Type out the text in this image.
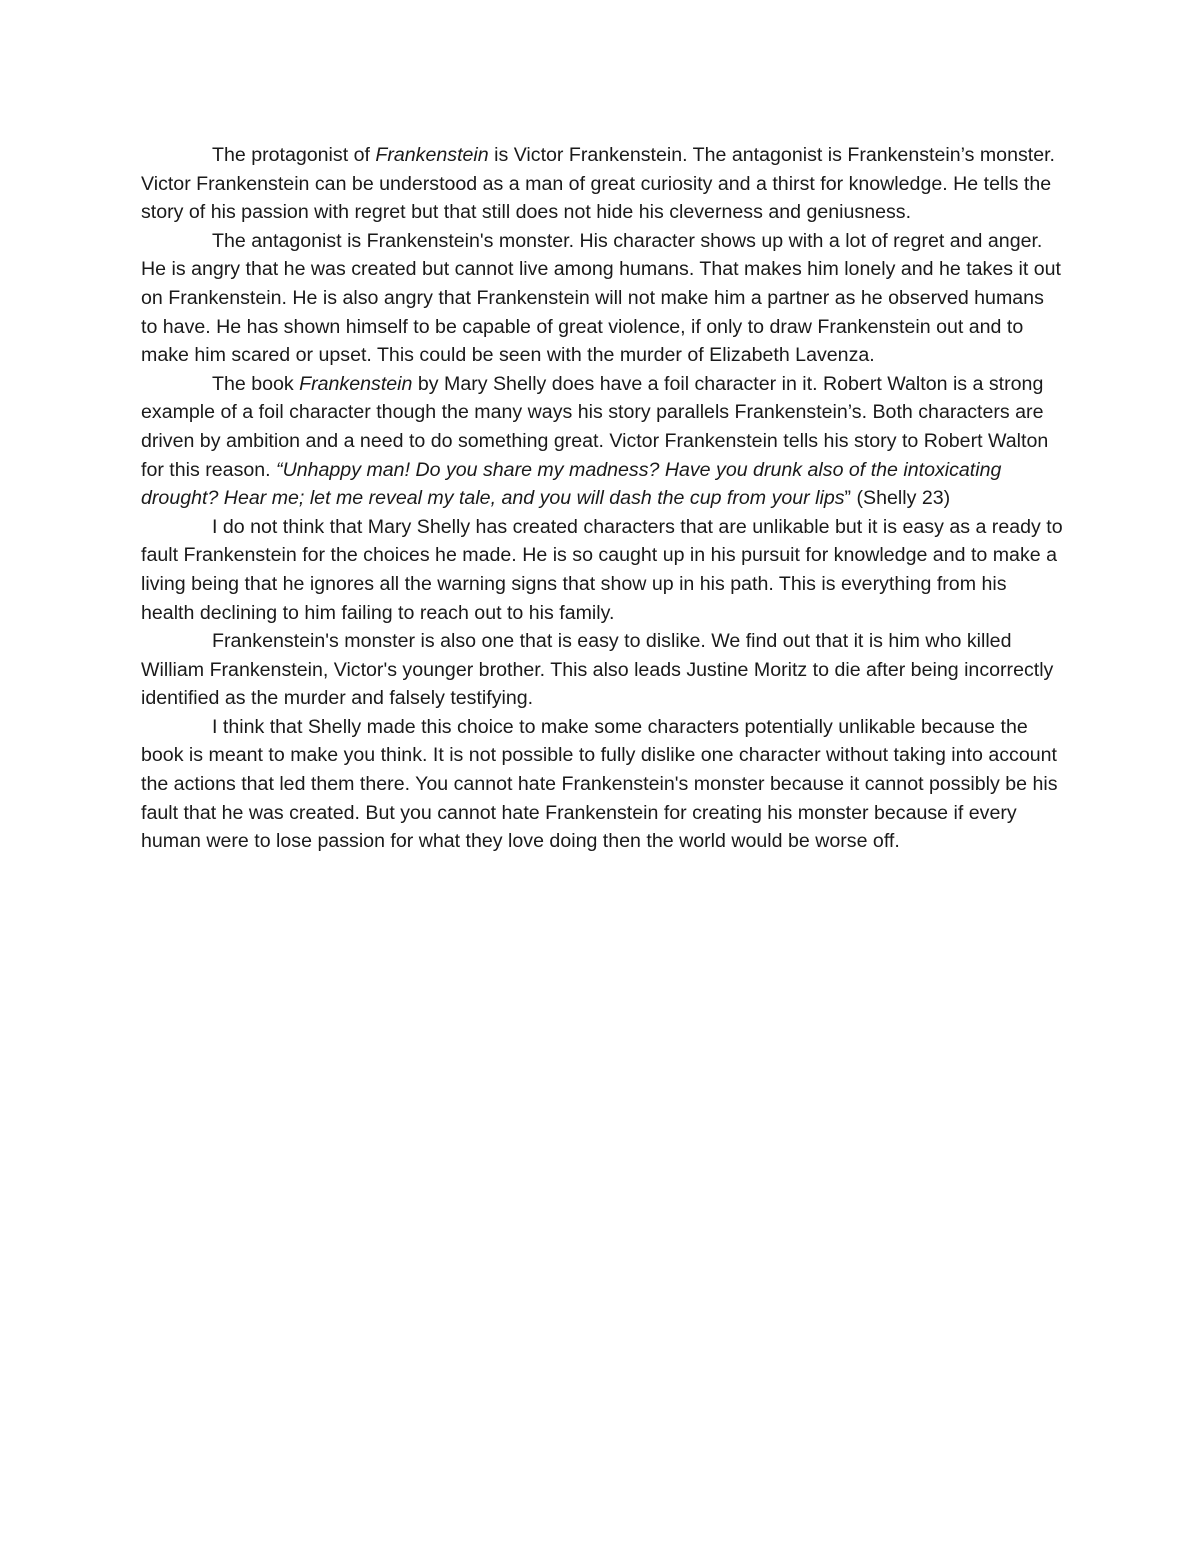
The protagonist of Frankenstein is Victor Frankenstein. The antagonist is Frankenstein’s monster. Victor Frankenstein can be understood as a man of great curiosity and a thirst for knowledge. He tells the story of his passion with regret but that still does not hide his cleverness and geniusness.

The antagonist is Frankenstein's monster. His character shows up with a lot of regret and anger. He is angry that he was created but cannot live among humans. That makes him lonely and he takes it out on Frankenstein. He is also angry that Frankenstein will not make him a partner as he observed humans to have. He has shown himself to be capable of great violence, if only to draw Frankenstein out and to make him scared or upset. This could be seen with the murder of Elizabeth Lavenza.

The book Frankenstein by Mary Shelly does have a foil character in it. Robert Walton is a strong example of a foil character though the many ways his story parallels Frankenstein’s. Both characters are driven by ambition and a need to do something great. Victor Frankenstein tells his story to Robert Walton for this reason. “Unhappy man! Do you share my madness? Have you drunk also of the intoxicating drought? Hear me; let me reveal my tale, and you will dash the cup from your lips” (Shelly 23)

I do not think that Mary Shelly has created characters that are unlikable but it is easy as a ready to fault Frankenstein for the choices he made. He is so caught up in his pursuit for knowledge and to make a living being that he ignores all the warning signs that show up in his path. This is everything from his health declining to him failing to reach out to his family.

Frankenstein's monster is also one that is easy to dislike. We find out that it is him who killed William Frankenstein, Victor's younger brother. This also leads Justine Moritz to die after being incorrectly identified as the murder and falsely testifying.

I think that Shelly made this choice to make some characters potentially unlikable because the book is meant to make you think. It is not possible to fully dislike one character without taking into account the actions that led them there. You cannot hate Frankenstein's monster because it cannot possibly be his fault that he was created. But you cannot hate Frankenstein for creating his monster because if every human were to lose passion for what they love doing then the world would be worse off.
